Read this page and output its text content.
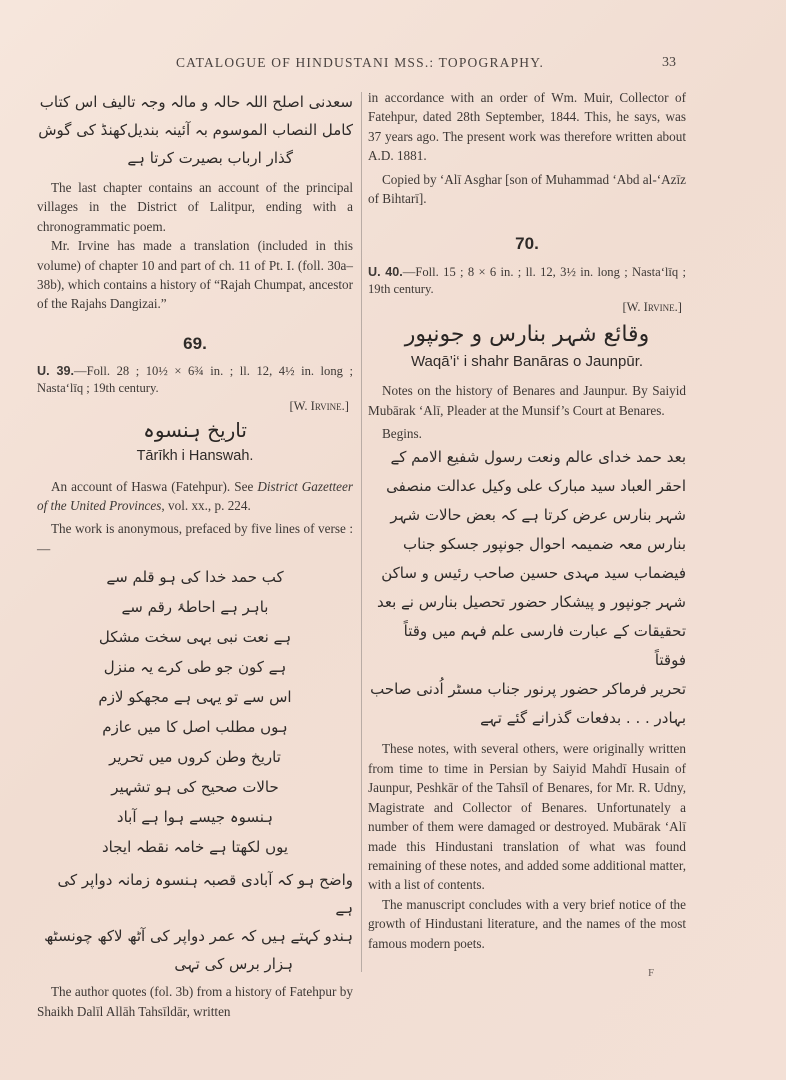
CATALOGUE OF HINDUSTANI MSS.: TOPOGRAPHY.	33
سعدنی اصلح اللہ حالہ و مالہ وجہ تالیف اس کتاب
کامل النصاب الموسوم بہ آئینہ بندیل‌کھنڈ کی گوش
گذار ارباب بصیرت کرتا ہے

The last chapter contains an account of the principal villages in the District of Lalitpur, ending with a chronogrammatic poem.

Mr. Irvine has made a translation (included in this volume) of chapter 10 and part of ch. 11 of Pt. I. (foll. 30a–38b), which contains a history of “Rajah Chumpat, ancestor of the Rajahs Dangizai.”

69.

U. 39.—Foll. 28 ; 10½ × 6¾ in. ; ll. 12, 4½ in. long ; Nasta‘līq ; 19th century.

[W. Irvine.]
تاریخ ہنسوہ
Tārīkh i Hanswah.

An account of Haswa (Fatehpur). See District Gazetteer of the United Provinces, vol. xx., p. 224.

The work is anonymous, prefaced by five lines of verse :—

کب حمد خدا کی ہو قلم سے
باہر ہے احاطۂ رقم سے
ہے نعت نبی بہی سخت مشکل
ہے کون جو طی کرے یہ منزل
اس سے تو یہی ہے مجھکو لازم
ہوں مطلب اصل کا میں عازم
تاریخ وطن کروں میں تحریر
حالات صحیح کی ہو تشہیر
ہنسوہ جیسے ہوا ہے آباد
یوں لکھتا ہے خامہ نقطہ ایجاد
واضح ہو کہ آبادی قصبہ ہنسوہ زمانہ دواپر کی ہے
ہندو کہتے ہیں کہ عمر دواپر کی آٹھ لاکھ چونسٹھ
ہزار برس کی تہی

The author quotes (fol. 3b) from a history of Fatehpur by Shaikh Dalīl Allāh Tahsīldār, written

in accordance with an order of Wm. Muir, Collector of Fatehpur, dated 28th September, 1844. This, he says, was 37 years ago. The present work was therefore written about A.D. 1881.

Copied by ‘Alī Asghar [son of Muhammad ‘Abd al-‘Azīz of Bihtarī].

70.

U. 40.—Foll. 15 ; 8 × 6 in. ; ll. 12, 3½ in. long ; Nasta‘līq ; 19th century.

[W. Irvine.]
وقائع شہر بنارس و جونپور
Waqā’i‘ i shahr Banāras o Jaunpūr.

Notes on the history of Benares and Jaunpur. By Saiyid Mubārak ‘Alī, Pleader at the Munsif’s Court at Benares.

Begins.

بعد حمد خدای عالم ونعت رسول شفیع الامم کے
احقر العباد سید مبارک علی وکیل عدالت منصفی
شہر بنارس عرض کرتا ہے کہ بعض حالات شہر
بنارس معہ ضمیمہ احوال جونپور جسکو جناب
فیضماب سید مہدی حسین صاحب رئیس و ساکن
شہر جونپور و پیشکار حضور تحصیل بنارس نے بعد
تحقیقات کے عبارت فارسی علم فہم میں وقتاً فوقتاً
تحریر فرماکر حضور پرنور جناب مسٹر اُدنی صاحب
بہادر . . . بدفعات گذرانے گئے تہے

These notes, with several others, were originally written from time to time in Persian by Saiyid Mahdī Husain of Jaunpur, Peshkār of the Tahsīl of Benares, for Mr. R. Udny, Magistrate and Collector of Benares. Unfortunately a number of them were damaged or destroyed. Mubārak ‘Alī made this Hindustani translation of what was found remaining of these notes, and added some additional matter, with a list of contents.

The manuscript concludes with a very brief notice of the growth of Hindustani literature, and the names of the most famous modern poets.

F
